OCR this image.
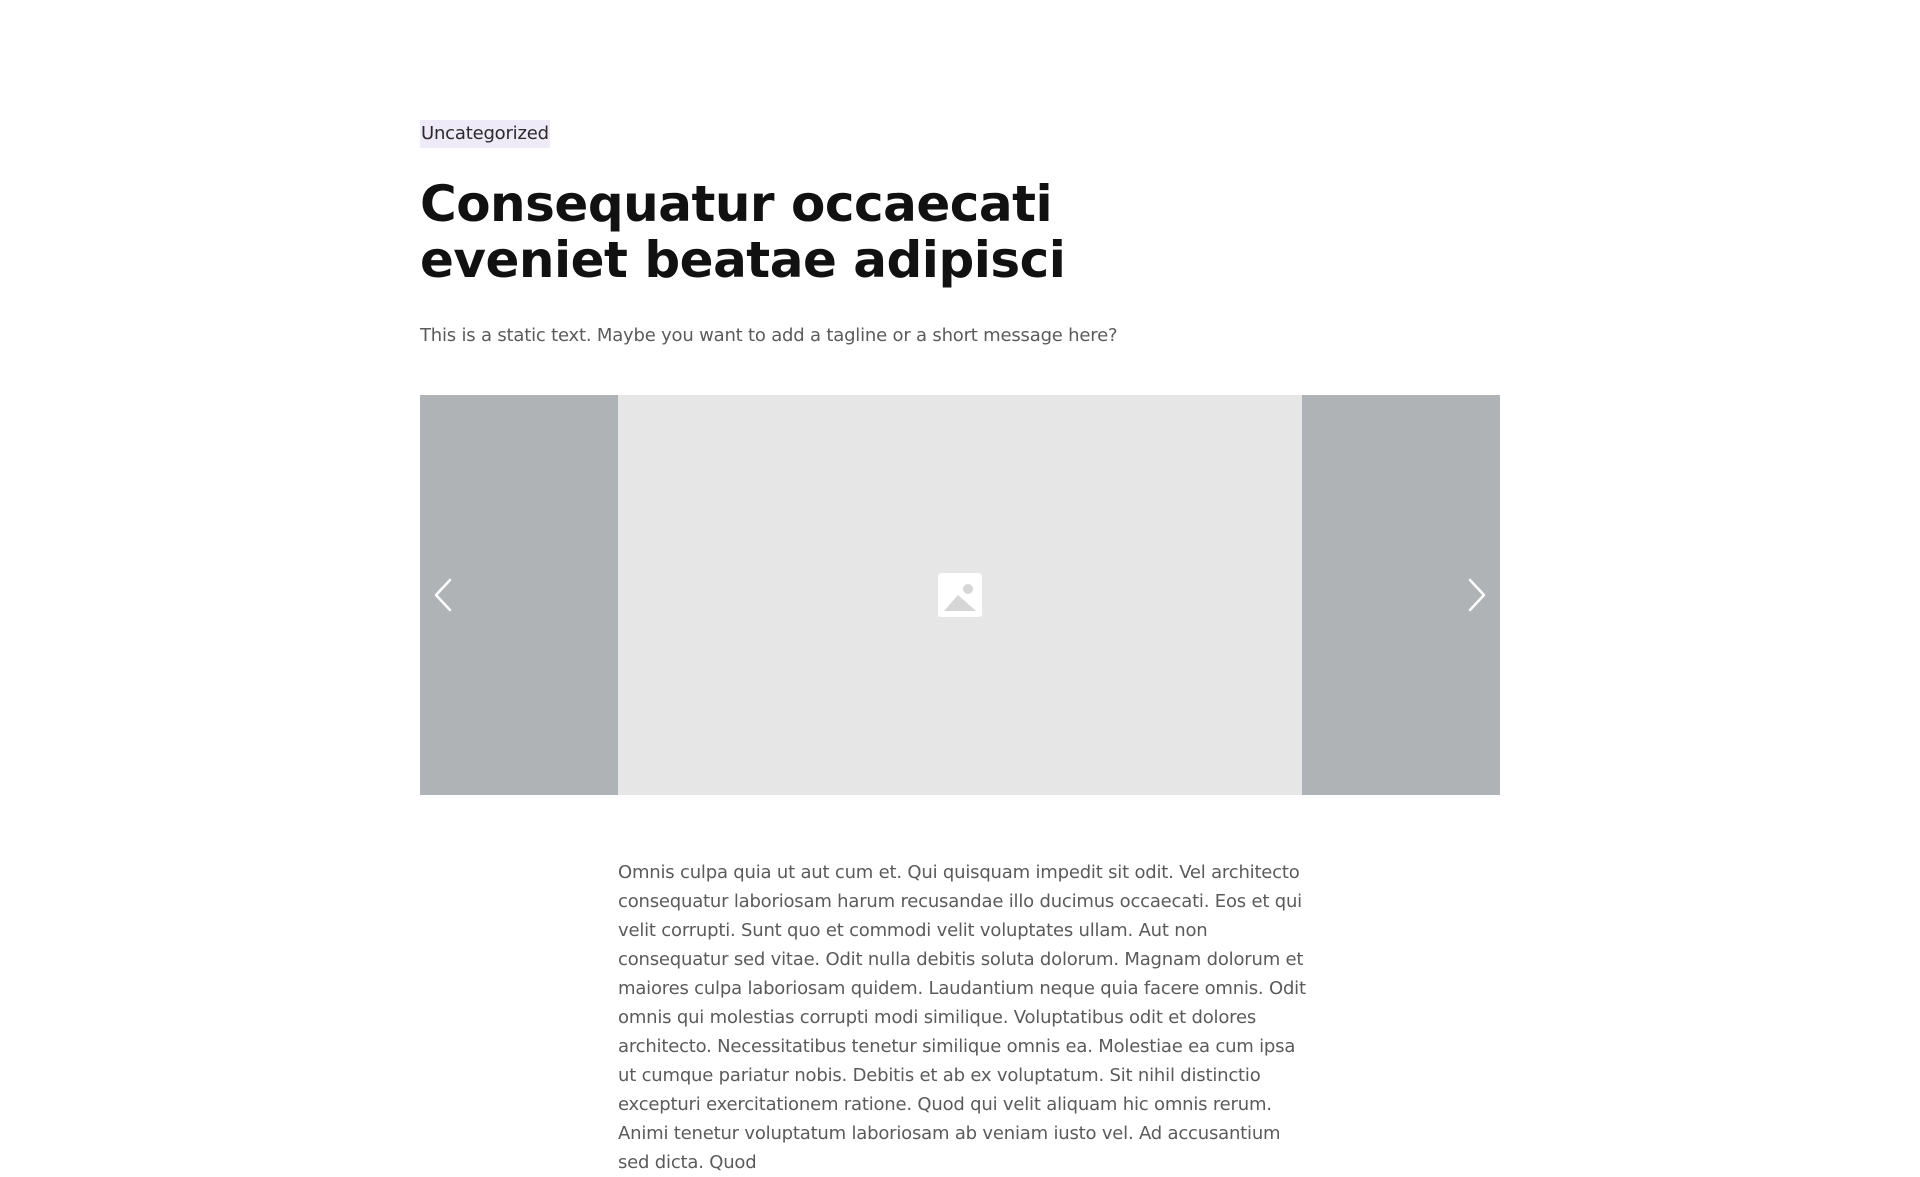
Uncategorized
Consequatur occaecati eveniet beatae adipisci

This is a static text. Maybe you want to add a tagline or a short message here?

Omnis culpa quia ut aut cum et. Qui quisquam impedit sit odit. Vel architecto consequatur laboriosam harum recusandae illo ducimus occaecati. Eos et qui velit corrupti. Sunt quo et commodi velit voluptates ullam. Aut non consequatur sed vitae. Odit nulla debitis soluta dolorum. Magnam dolorum et maiores culpa laboriosam quidem. Laudantium neque quia facere omnis. Odit omnis qui molestias corrupti modi similique. Voluptatibus odit et dolores architecto. Necessitatibus tenetur similique omnis ea. Molestiae ea cum ipsa ut cumque pariatur nobis. Debitis et ab ex voluptatum. Sit nihil distinctio excepturi exercitationem ratione. Quod qui velit aliquam hic omnis rerum. Animi tenetur voluptatum laboriosam ab veniam iusto vel. Ad accusantium sed dicta. Quod
